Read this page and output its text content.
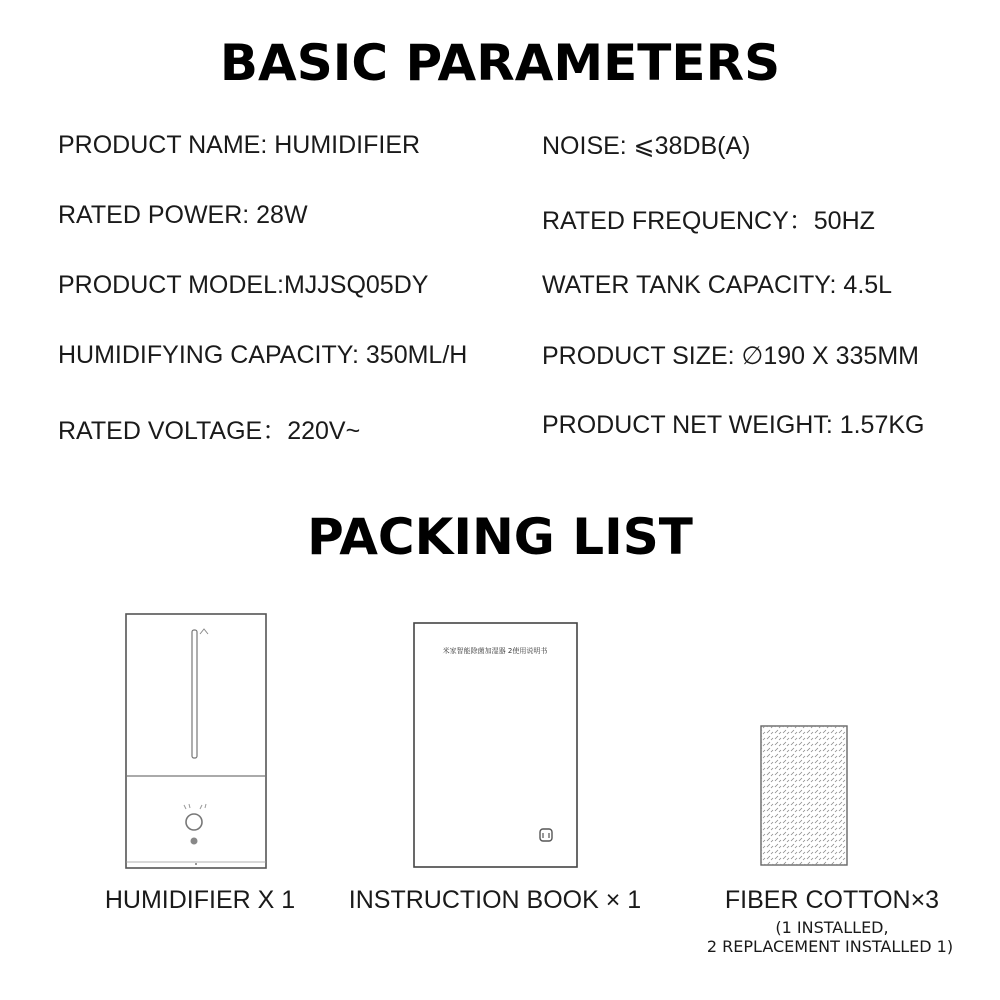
BASIC PARAMETERS
PRODUCT NAME: HUMIDIFIER
RATED POWER: 28W
PRODUCT MODEL:MJJSQ05DY
HUMIDIFYING CAPACITY: 350ML/H
RATED VOLTAGE：220V~
NOISE: ⩽38DB(A)
RATED FREQUENCY：50HZ
WATER TANK CAPACITY: 4.5L
PRODUCT SIZE: ∅190 X 335MM
PRODUCT NET WEIGHT: 1.57KG
PACKING LIST
米家智能除菌加湿器 2使用说明书
HUMIDIFIER X 1	INSTRUCTION BOOK × 1	FIBER COTTON×3
(1 INSTALLED,
2 REPLACEMENT INSTALLED 1)
